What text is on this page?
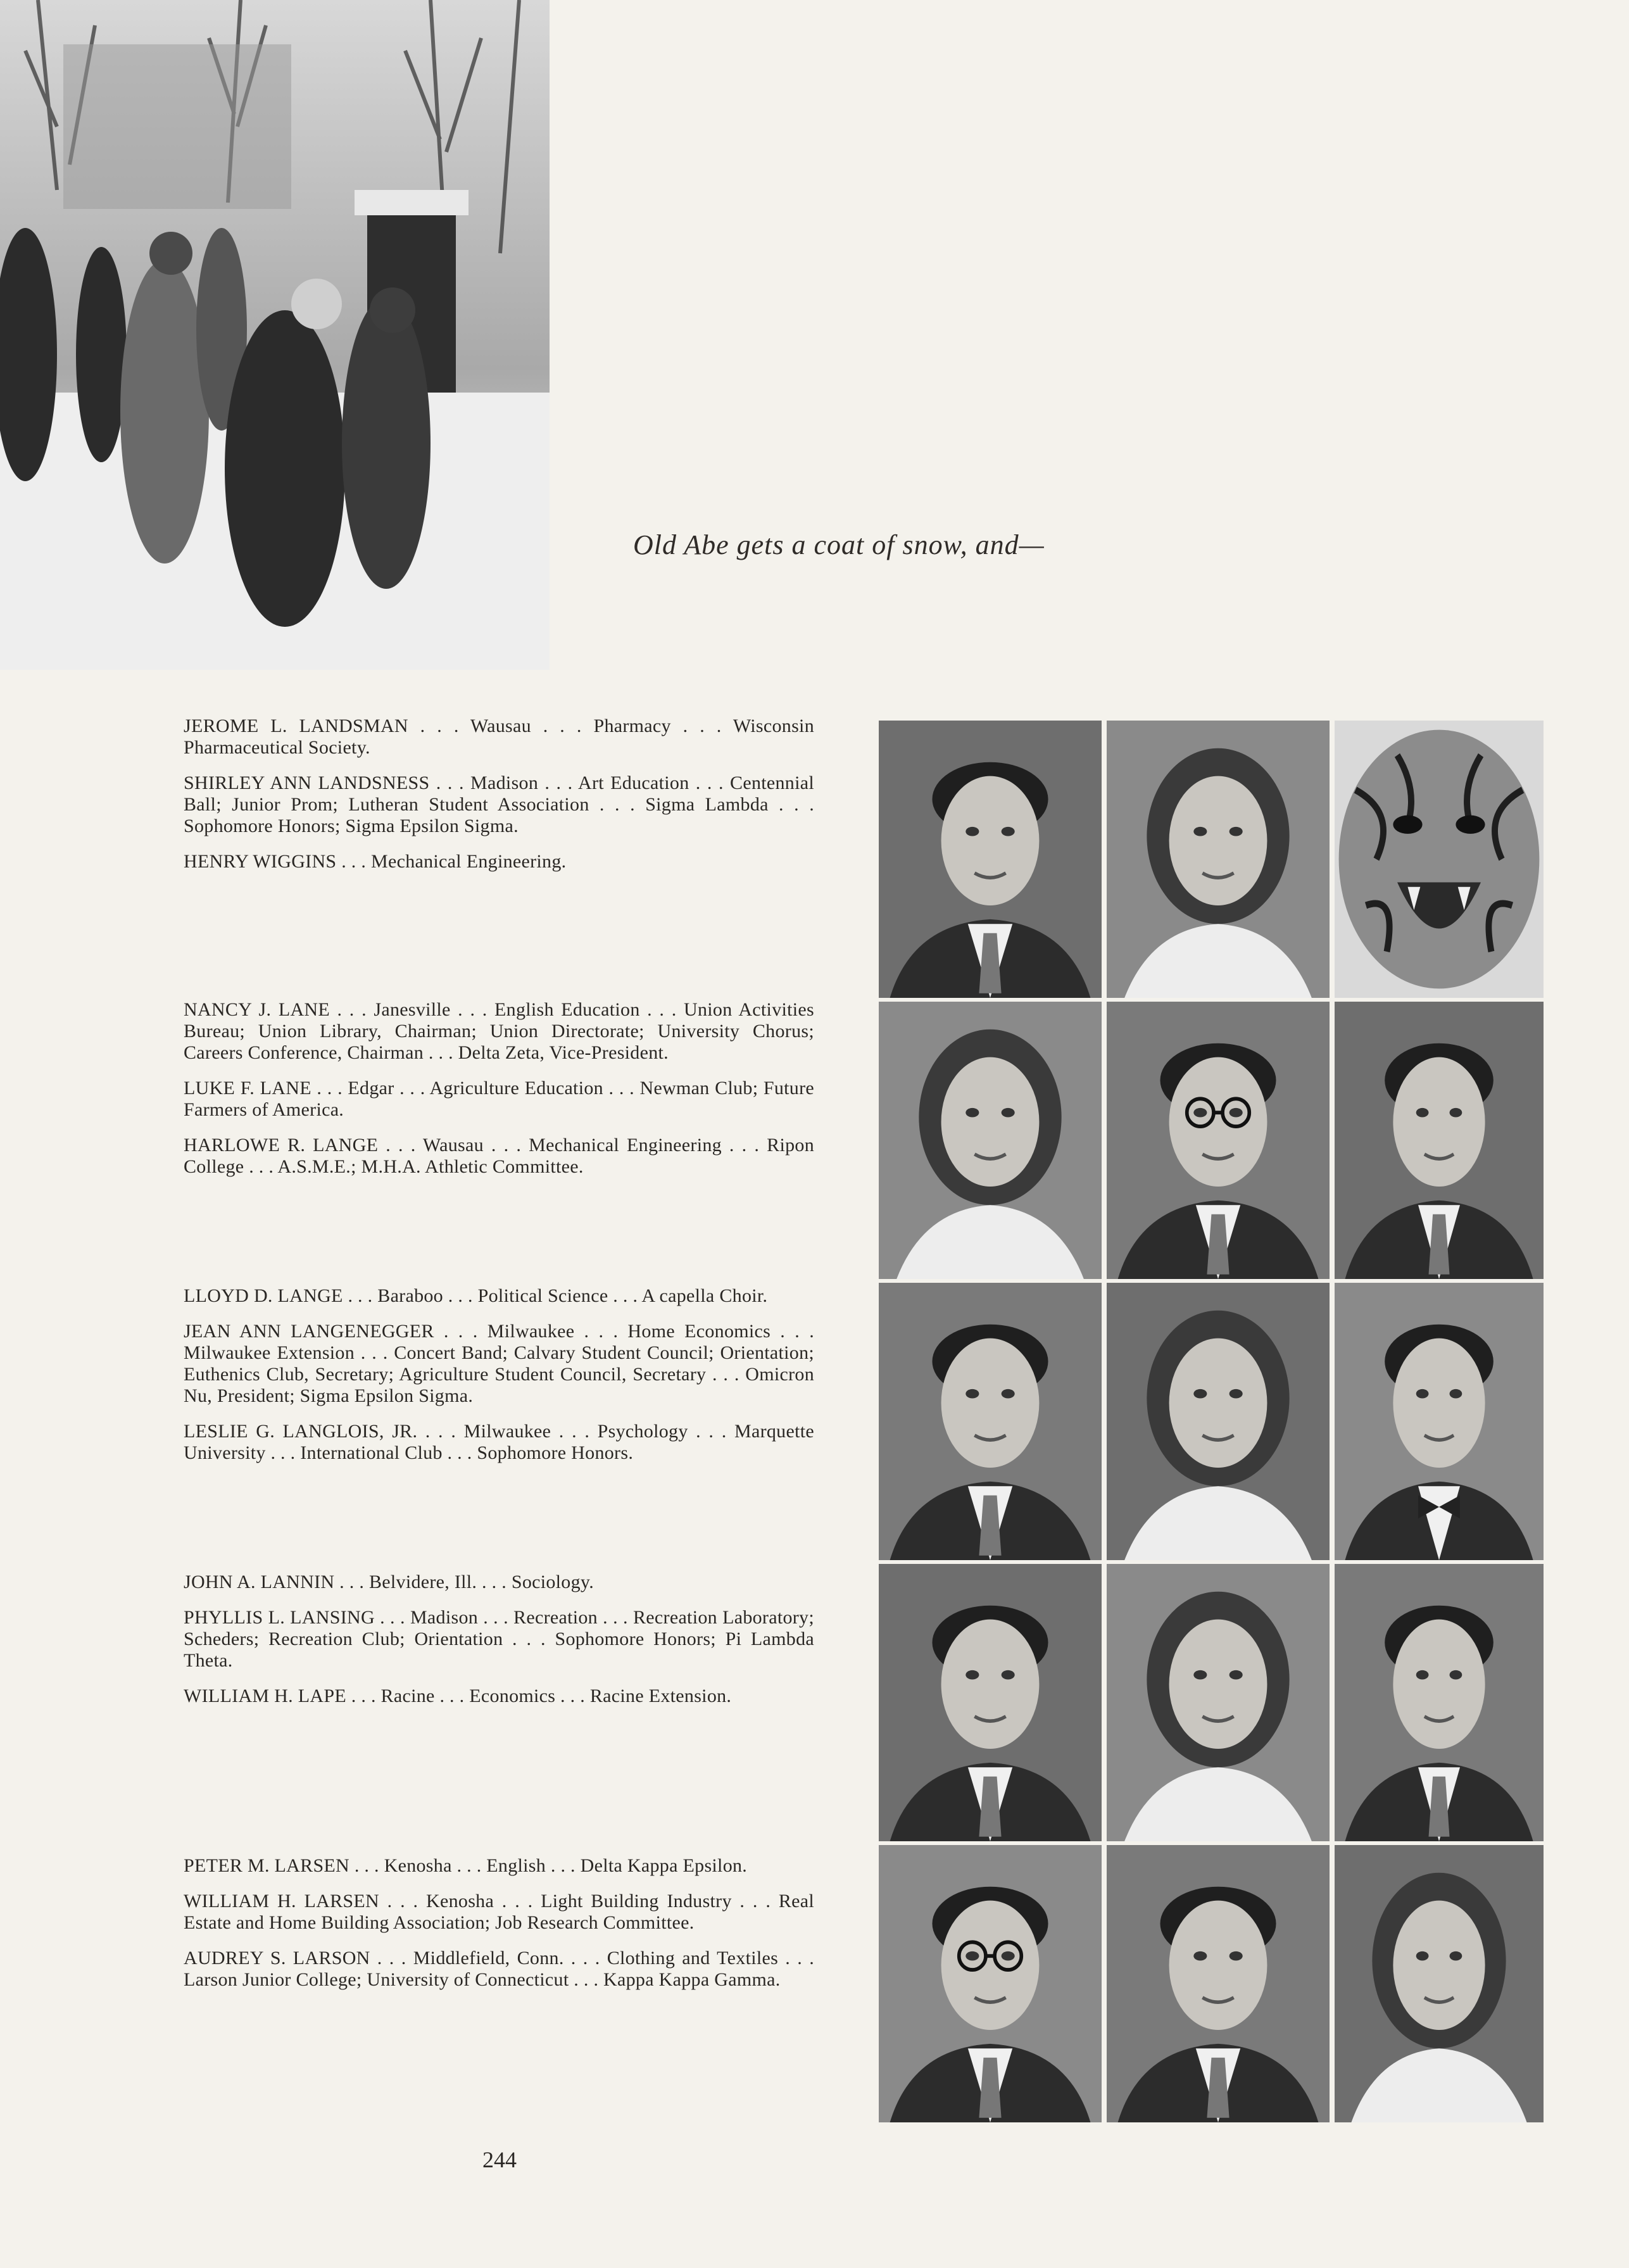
Old Abe gets a coat of snow, and—

JEROME L. LANDSMAN . . . Wausau . . . Pharmacy . . . Wisconsin Pharmaceutical Society.

SHIRLEY ANN LANDSNESS . . . Madison . . . Art Education . . . Centennial Ball; Junior Prom; Lutheran Student Association . . . Sigma Lambda . . . Sophomore Honors; Sigma Epsilon Sigma.

HENRY WIGGINS . . . Mechanical Engineering.

NANCY J. LANE . . . Janesville . . . English Education . . . Union Activities Bureau; Union Library, Chairman; Union Directorate; University Chorus; Careers Conference, Chairman . . . Delta Zeta, Vice-President.

LUKE F. LANE . . . Edgar . . . Agriculture Education . . . Newman Club; Future Farmers of America.

HARLOWE R. LANGE . . . Wausau . . . Mechanical Engineering . . . Ripon College . . . A.S.M.E.; M.H.A. Athletic Committee.

LLOYD D. LANGE . . . Baraboo . . . Political Science . . . A capella Choir.

JEAN ANN LANGENEGGER . . . Milwaukee . . . Home Economics . . . Milwaukee Extension . . . Concert Band; Calvary Student Council; Orientation; Euthenics Club, Secretary; Agriculture Student Council, Secretary . . . Omicron Nu, President; Sigma Epsilon Sigma.

LESLIE G. LANGLOIS, JR. . . . Milwaukee . . . Psychology . . . Marquette University . . . International Club . . . Sophomore Honors.

JOHN A. LANNIN . . . Belvidere, Ill. . . . Sociology.

PHYLLIS L. LANSING . . . Madison . . . Recreation . . . Recreation Laboratory; Scheders; Recreation Club; Orientation . . . Sophomore Honors; Pi Lambda Theta.

WILLIAM H. LAPE . . . Racine . . . Economics . . . Racine Extension.

PETER M. LARSEN . . . Kenosha . . . English . . . Delta Kappa Epsilon.

WILLIAM H. LARSEN . . . Kenosha . . . Light Building Industry . . . Real Estate and Home Building Association; Job Research Committee.

AUDREY S. LARSON . . . Middlefield, Conn. . . . Clothing and Textiles . . . Larson Junior College; University of Connecticut . . . Kappa Kappa Gamma.

244
